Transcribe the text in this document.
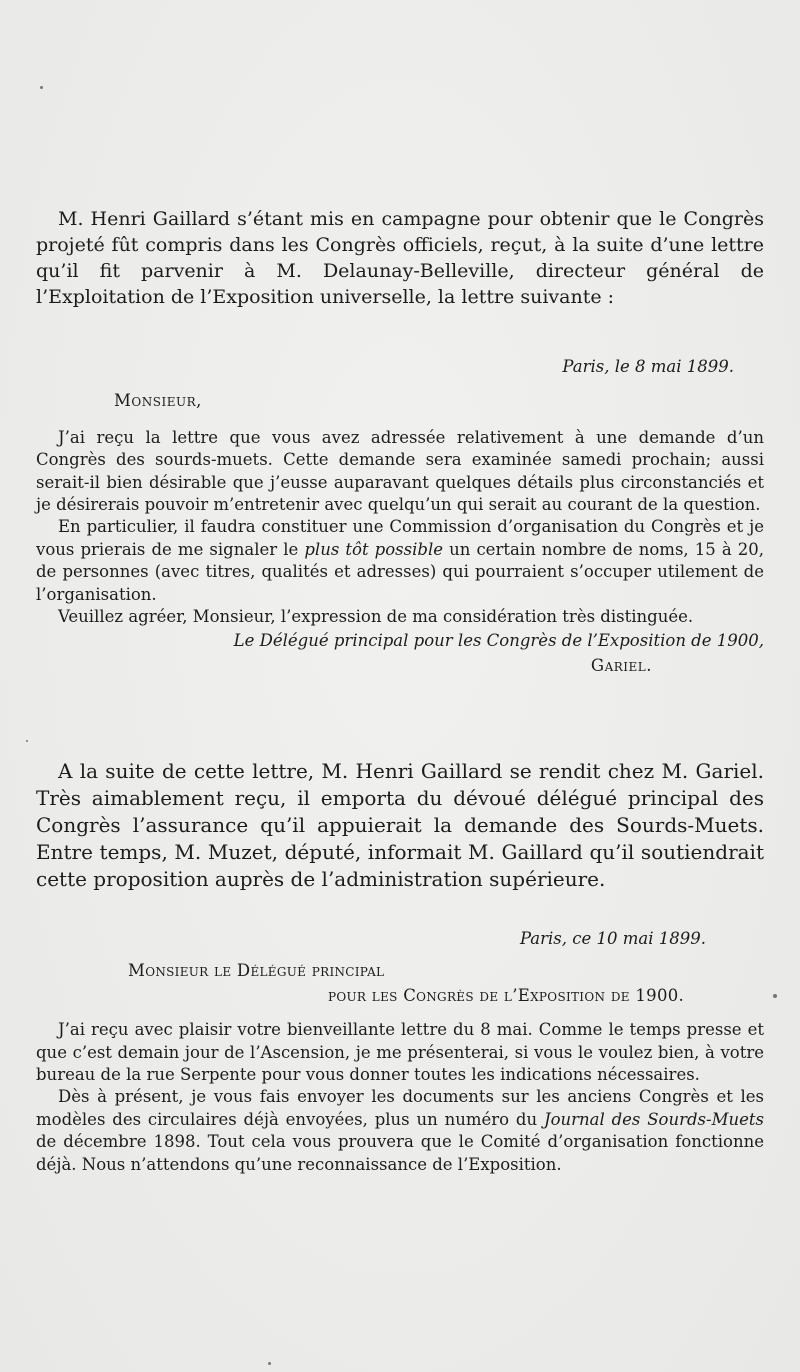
M. Henri Gaillard s’étant mis en campagne pour obtenir que le Congrès projeté fût compris dans les Congrès officiels, reçut, à la suite d’une lettre qu’il fit parvenir à M. Delaunay-Belleville, directeur général de l’Exploitation de l’Exposition universelle, la lettre suivante :

Paris, le 8 mai 1899.
Monsieur,

J’ai reçu la lettre que vous avez adressée relativement à une demande d’un Congrès des sourds-muets. Cette demande sera examinée samedi prochain; aussi serait-il bien désirable que j’eusse auparavant quelques détails plus circonstanciés et je désirerais pouvoir m’entretenir avec quelqu’un qui serait au courant de la question.

En particulier, il faudra constituer une Commission d’organisation du Congrès et je vous prierais de me signaler le plus tôt possible un certain nombre de noms, 15 à 20, de personnes (avec titres, qualités et adresses) qui pourraient s’occuper utilement de l’organisation.

Veuillez agréer, Monsieur, l’expression de ma considération très distinguée.

Le Délégué principal pour les Congrès de l’Exposition de 1900,
Gariel.

A la suite de cette lettre, M. Henri Gaillard se rendit chez M. Gariel. Très aimablement reçu, il emporta du dévoué délégué principal des Congrès l’assurance qu’il appuierait la demande des Sourds-Muets. Entre temps, M. Muzet, député, informait M. Gaillard qu’il soutiendrait cette proposition auprès de l’administration supérieure.

Paris, ce 10 mai 1899.
Monsieur le Délégué principal
pour les Congrès de l’Exposition de 1900.

J’ai reçu avec plaisir votre bienveillante lettre du 8 mai. Comme le temps presse et que c’est demain jour de l’Ascension, je me présenterai, si vous le voulez bien, à votre bureau de la rue Serpente pour vous donner toutes les indications nécessaires.

Dès à présent, je vous fais envoyer les documents sur les anciens Congrès et les modèles des circulaires déjà envoyées, plus un numéro du Journal des Sourds-Muets de décembre 1898. Tout cela vous prouvera que le Comité d’organisation fonctionne déjà. Nous n’attendons qu’une reconnaissance de l’Exposition.
